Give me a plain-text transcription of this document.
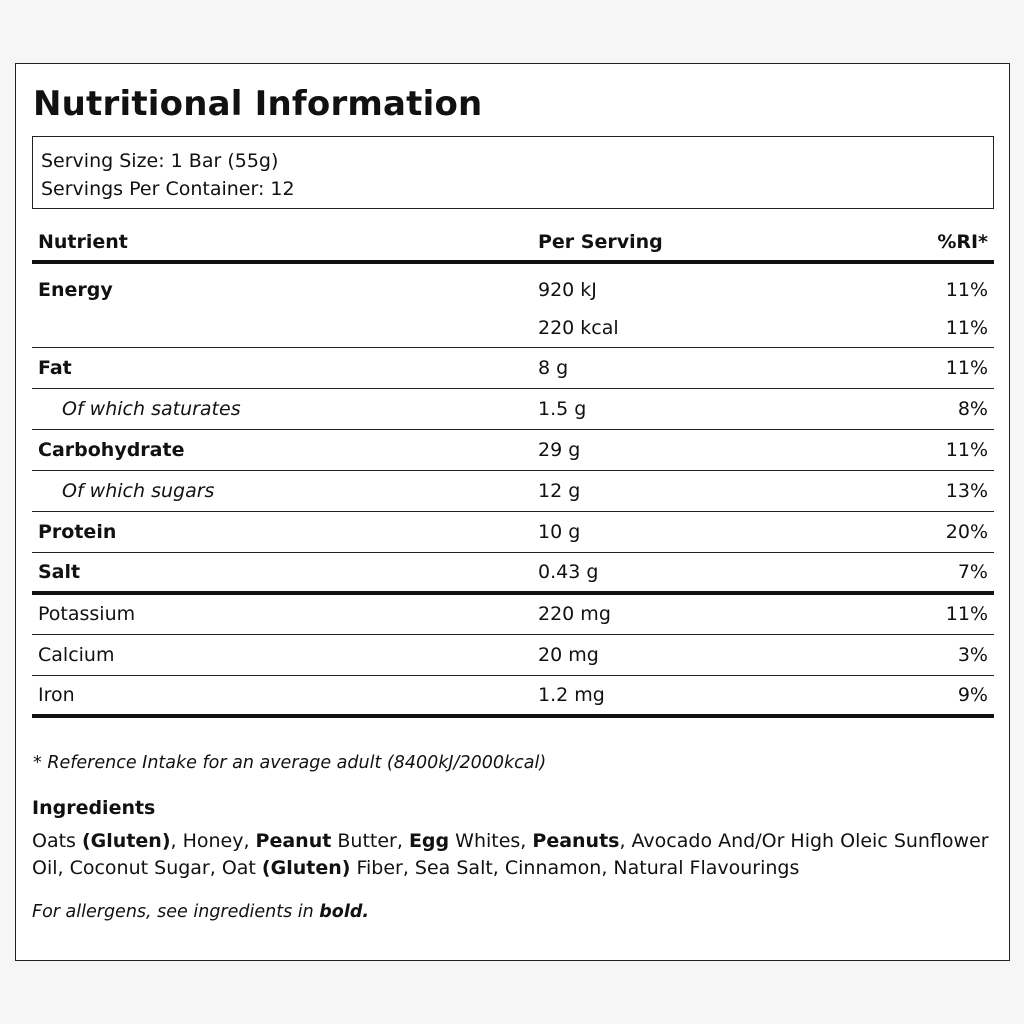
Nutritional Information
Serving Size: 1 Bar (55g)
Servings Per Container: 12
Nutrient	Per Serving	%RI*
Energy	920 kJ	11%
	220 kcal	11%
Fat	8 g	11%
Of which saturates	1.5 g	8%
Carbohydrate	29 g	11%
Of which sugars	12 g	13%
Protein	10 g	20%
Salt	0.43 g	7%
Potassium	220 mg	11%
Calcium	20 mg	3%
Iron	1.2 mg	9%
* Reference Intake for an average adult (8400kJ/2000kcal)
Ingredients
Oats (Gluten), Honey, Peanut Butter, Egg Whites, Peanuts, Avocado And/Or High Oleic Sunflower Oil, Coconut Sugar, Oat (Gluten) Fiber, Sea Salt, Cinnamon, Natural Flavourings
For allergens, see ingredients in bold.
